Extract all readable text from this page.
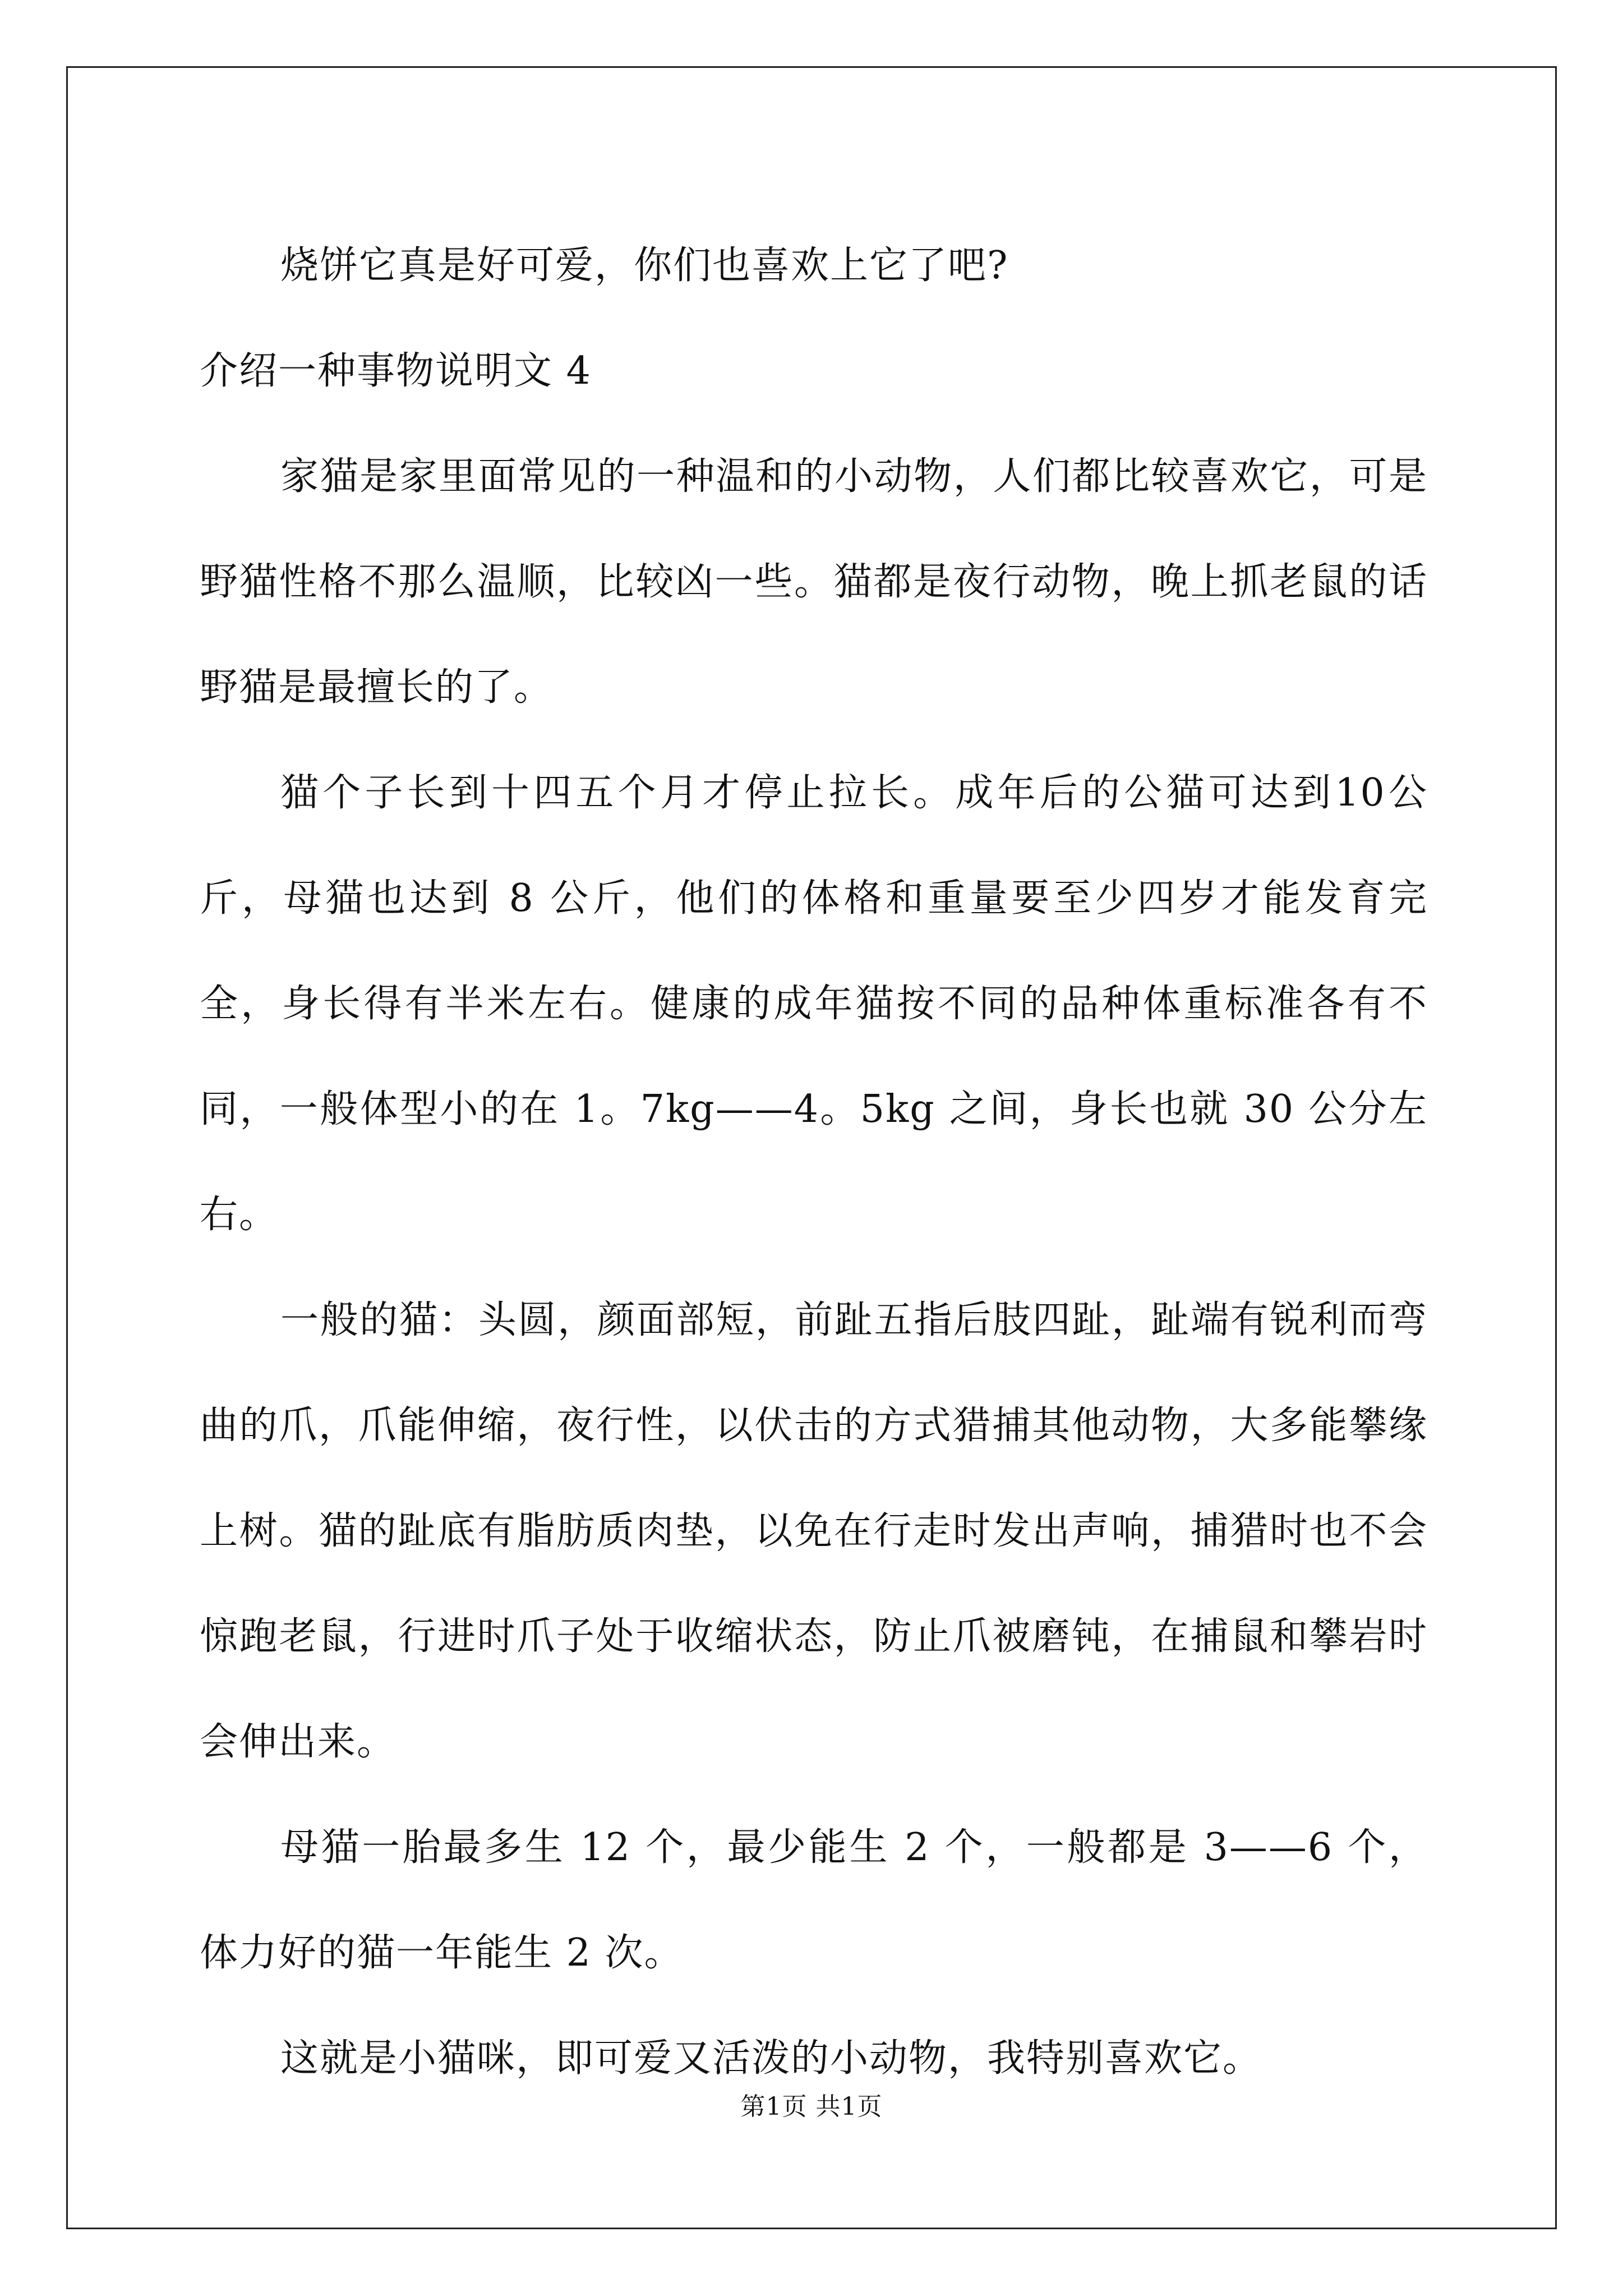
烧饼它真是好可爱，你们也喜欢上它了吧?

介绍一种事物说明文 4

家猫是家里面常见的一种温和的小动物，人们都比较喜欢它，可是野猫性格不那么温顺，比较凶一些。猫都是夜行动物，晚上抓老鼠的话野猫是最擅长的了。

猫个子长到十四五个月才停止拉长。成年后的公猫可达到10公斤，母猫也达到 8 公斤，他们的体格和重量要至少四岁才能发育完全，身长得有半米左右。健康的成年猫按不同的品种体重标准各有不同，一般体型小的在 1。7kg——4。5kg 之间，身长也就 30 公分左右。

一般的猫：头圆，颜面部短，前趾五指后肢四趾，趾端有锐利而弯曲的爪，爪能伸缩，夜行性，以伏击的方式猎捕其他动物，大多能攀缘上树。猫的趾底有脂肪质肉垫，以免在行走时发出声响，捕猎时也不会惊跑老鼠，行进时爪子处于收缩状态，防止爪被磨钝，在捕鼠和攀岩时会伸出来。

母猫一胎最多生 12 个，最少能生 2 个，一般都是 3——6 个，体力好的猫一年能生 2 次。

这就是小猫咪，即可爱又活泼的小动物，我特别喜欢它。

第1页 共1页
